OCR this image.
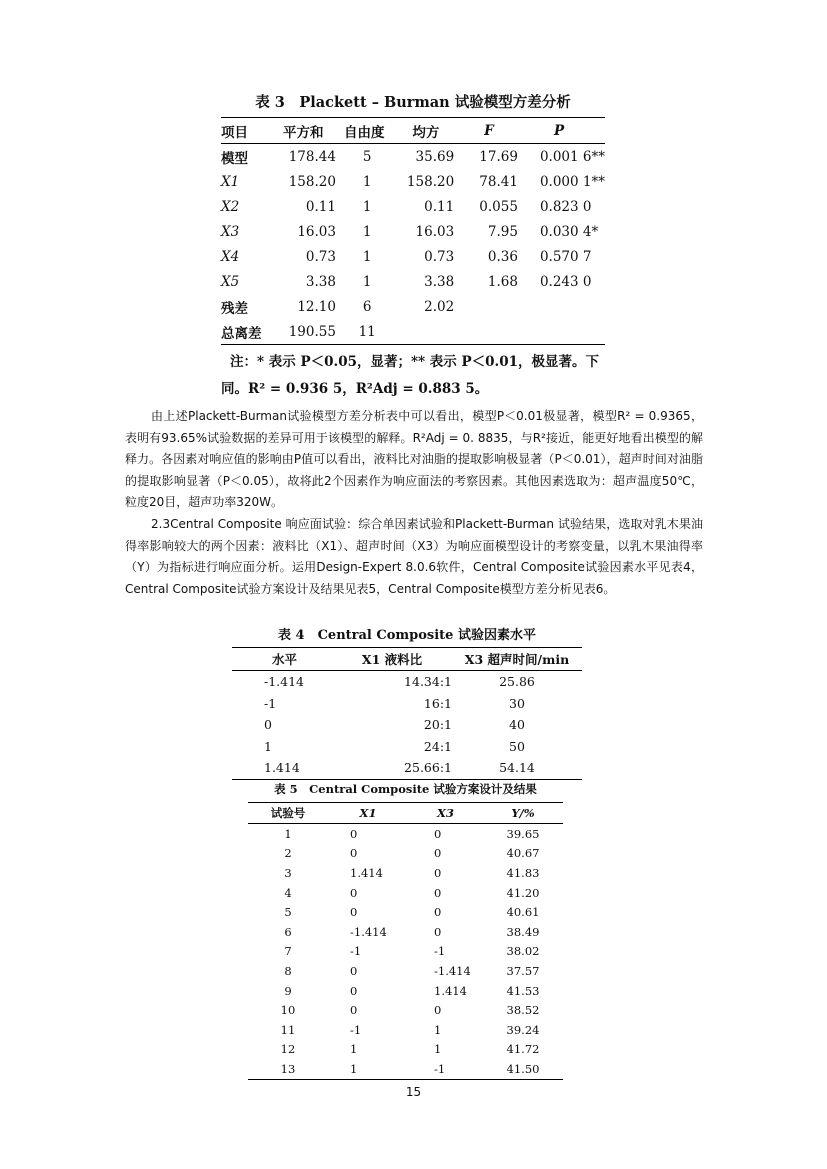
表 3　Plackett – Burman 试验模型方差分析
项目	平方和	自由度	均方	F	P
模型	178.44	5	35.69	17.69	0.001 6**
X1	158.20	1	158.20	78.41	0.000 1**
X2	0.11	1	0.11	0.055	0.823 0
X3	16.03	1	16.03	7.95	0.030 4*
X4	0.73	1	0.73	0.36	0.570 7
X5	3.38	1	3.38	1.68	0.243 0
残差	12.10	6	2.02		
总离差	190.55	11			
注：* 表示 P＜0.05，显著；** 表示 P＜0.01，极显著。下
同。R² = 0.936 5，R²Adj = 0.883 5。
由上述Plackett-Burman试验模型方差分析表中可以看出，模型P＜0.01极显著，模型R² = 0.9365，表明有93.65%试验数据的差异可用于该模型的解释。R²Adj = 0. 8835，与R²接近，能更好地看出模型的解释力。各因素对响应值的影响由P值可以看出，液料比对油脂的提取影响极显著（P＜0.01），超声时间对油脂的提取影响显著（P＜0.05），故将此2个因素作为响应面法的考察因素。其他因素选取为：超声温度50℃，粒度20目，超声功率320W。
2.3Central Composite 响应面试验：综合单因素试验和Plackett-Burman 试验结果，选取对乳木果油得率影响较大的两个因素：液料比（X1）、超声时间（X3）为响应面模型设计的考察变量，以乳木果油得率（Y）为指标进行响应面分析。运用Design-Expert 8.0.6软件，Central Composite试验因素水平见表4，Central Composite试验方案设计及结果见表5，Central Composite模型方差分析见表6。
表 4　Central Composite 试验因素水平
水平	X1 液料比	X3 超声时间/min
-1.414	14.34:1	25.86
-1	16:1	30
0	20:1	40
1	24:1	50
1.414	25.66:1	54.14
表 5　Central Composite 试验方案设计及结果
试验号	X1	X3	Y/%
1	0	0	39.65
2	0	0	40.67
3	1.414	0	41.83
4	0	0	41.20
5	0	0	40.61
6	-1.414	0	38.49
7	-1	-1	38.02
8	0	-1.414	37.57
9	0	1.414	41.53
10	0	0	38.52
11	-1	1	39.24
12	1	1	41.72
13	1	-1	41.50
15
